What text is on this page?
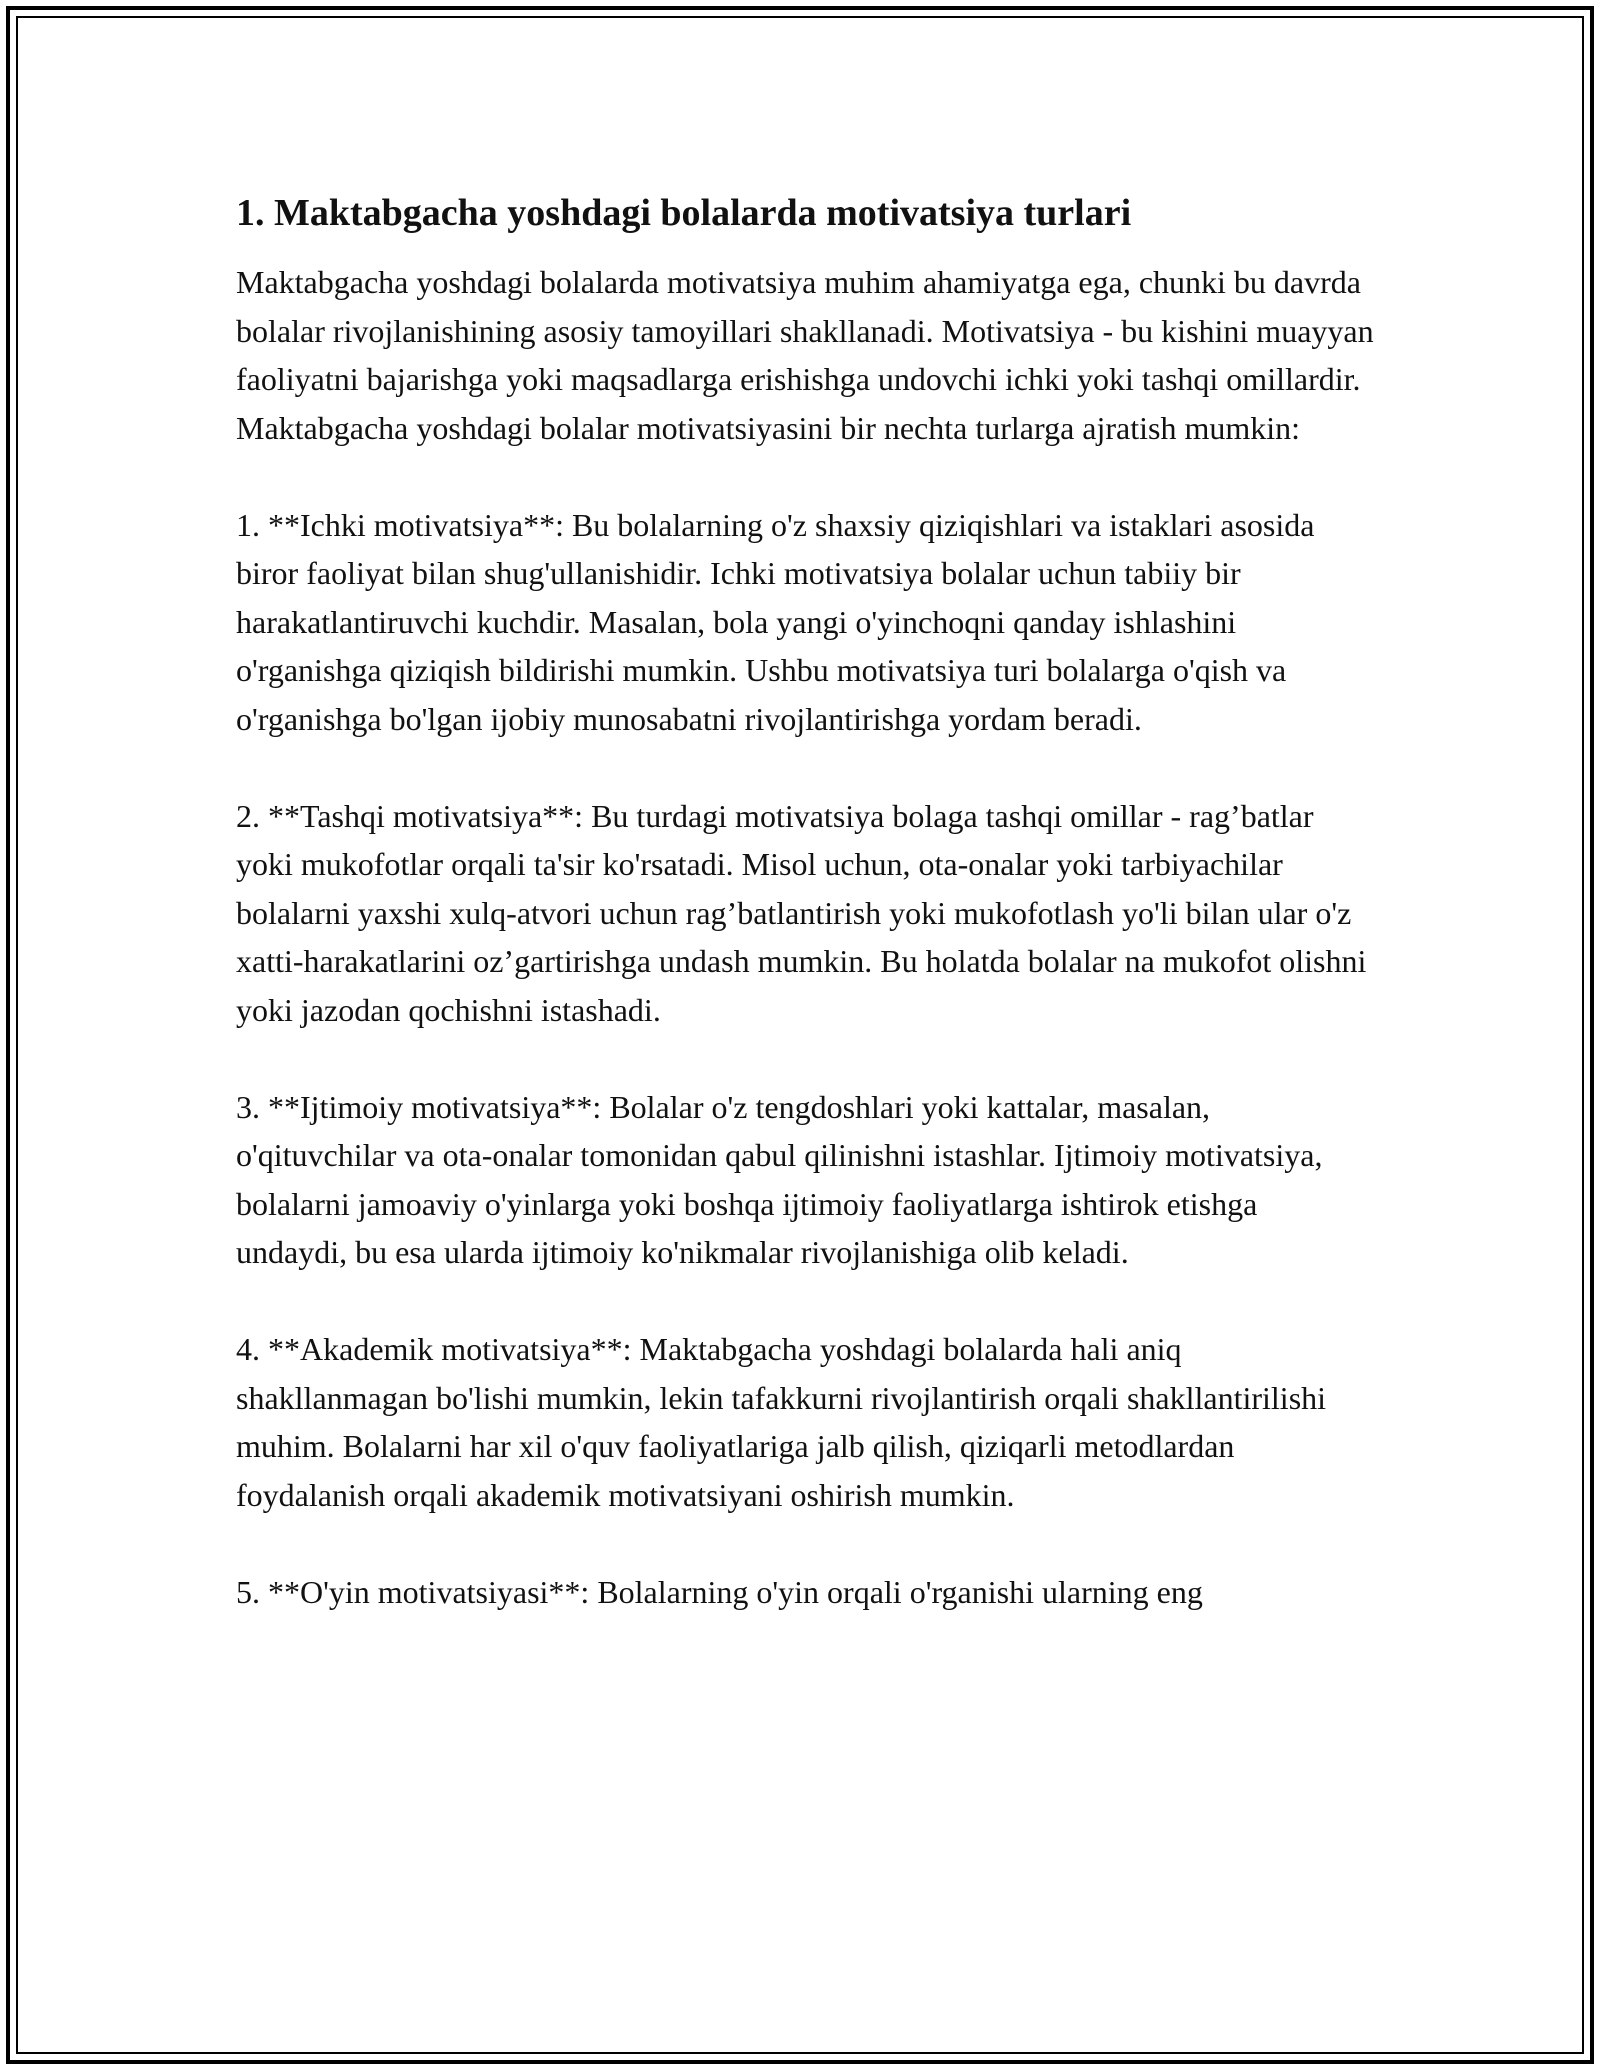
1. Maktabgacha yoshdagi bolalarda motivatsiya turlari

Maktabgacha yoshdagi bolalarda motivatsiya muhim ahamiyatga ega, chunki bu davrda bolalar rivojlanishining asosiy tamoyillari shakllanadi. Motivatsiya - bu kishini muayyan faoliyatni bajarishga yoki maqsadlarga erishishga undovchi ichki yoki tashqi omillardir. Maktabgacha yoshdagi bolalar motivatsiyasini bir nechta turlarga ajratish mumkin:

1. **Ichki motivatsiya**: Bu bolalarning o'z shaxsiy qiziqishlari va istaklari asosida biror faoliyat bilan shug'ullanishidir. Ichki motivatsiya bolalar uchun tabiiy bir harakatlantiruvchi kuchdir. Masalan, bola yangi o'yinchoqni qanday ishlashini o'rganishga qiziqish bildirishi mumkin. Ushbu motivatsiya turi bolalarga o'qish va o'rganishga bo'lgan ijobiy munosabatni rivojlantirishga yordam beradi.

2. **Tashqi motivatsiya**: Bu turdagi motivatsiya bolaga tashqi omillar - rag’batlar yoki mukofotlar orqali ta'sir ko'rsatadi. Misol uchun, ota-onalar yoki tarbiyachilar bolalarni yaxshi xulq-atvori uchun rag’batlantirish yoki mukofotlash yo'li bilan ular o'z xatti-harakatlarini oz’gartirishga undash mumkin. Bu holatda bolalar na mukofot olishni yoki jazodan qochishni istashadi.

3. **Ijtimoiy motivatsiya**: Bolalar o'z tengdoshlari yoki kattalar, masalan, o'qituvchilar va ota-onalar tomonidan qabul qilinishni istashlar. Ijtimoiy motivatsiya, bolalarni jamoaviy o'yinlarga yoki boshqa ijtimoiy faoliyatlarga ishtirok etishga undaydi, bu esa ularda ijtimoiy ko'nikmalar rivojlanishiga olib keladi.

4. **Akademik motivatsiya**: Maktabgacha yoshdagi bolalarda hali aniq shakllanmagan bo'lishi mumkin, lekin tafakkurni rivojlantirish orqali shakllantirilishi muhim. Bolalarni har xil o'quv faoliyatlariga jalb qilish, qiziqarli metodlardan foydalanish orqali akademik motivatsiyani oshirish mumkin.

5. **O'yin motivatsiyasi**: Bolalarning o'yin orqali o'rganishi ularning eng
